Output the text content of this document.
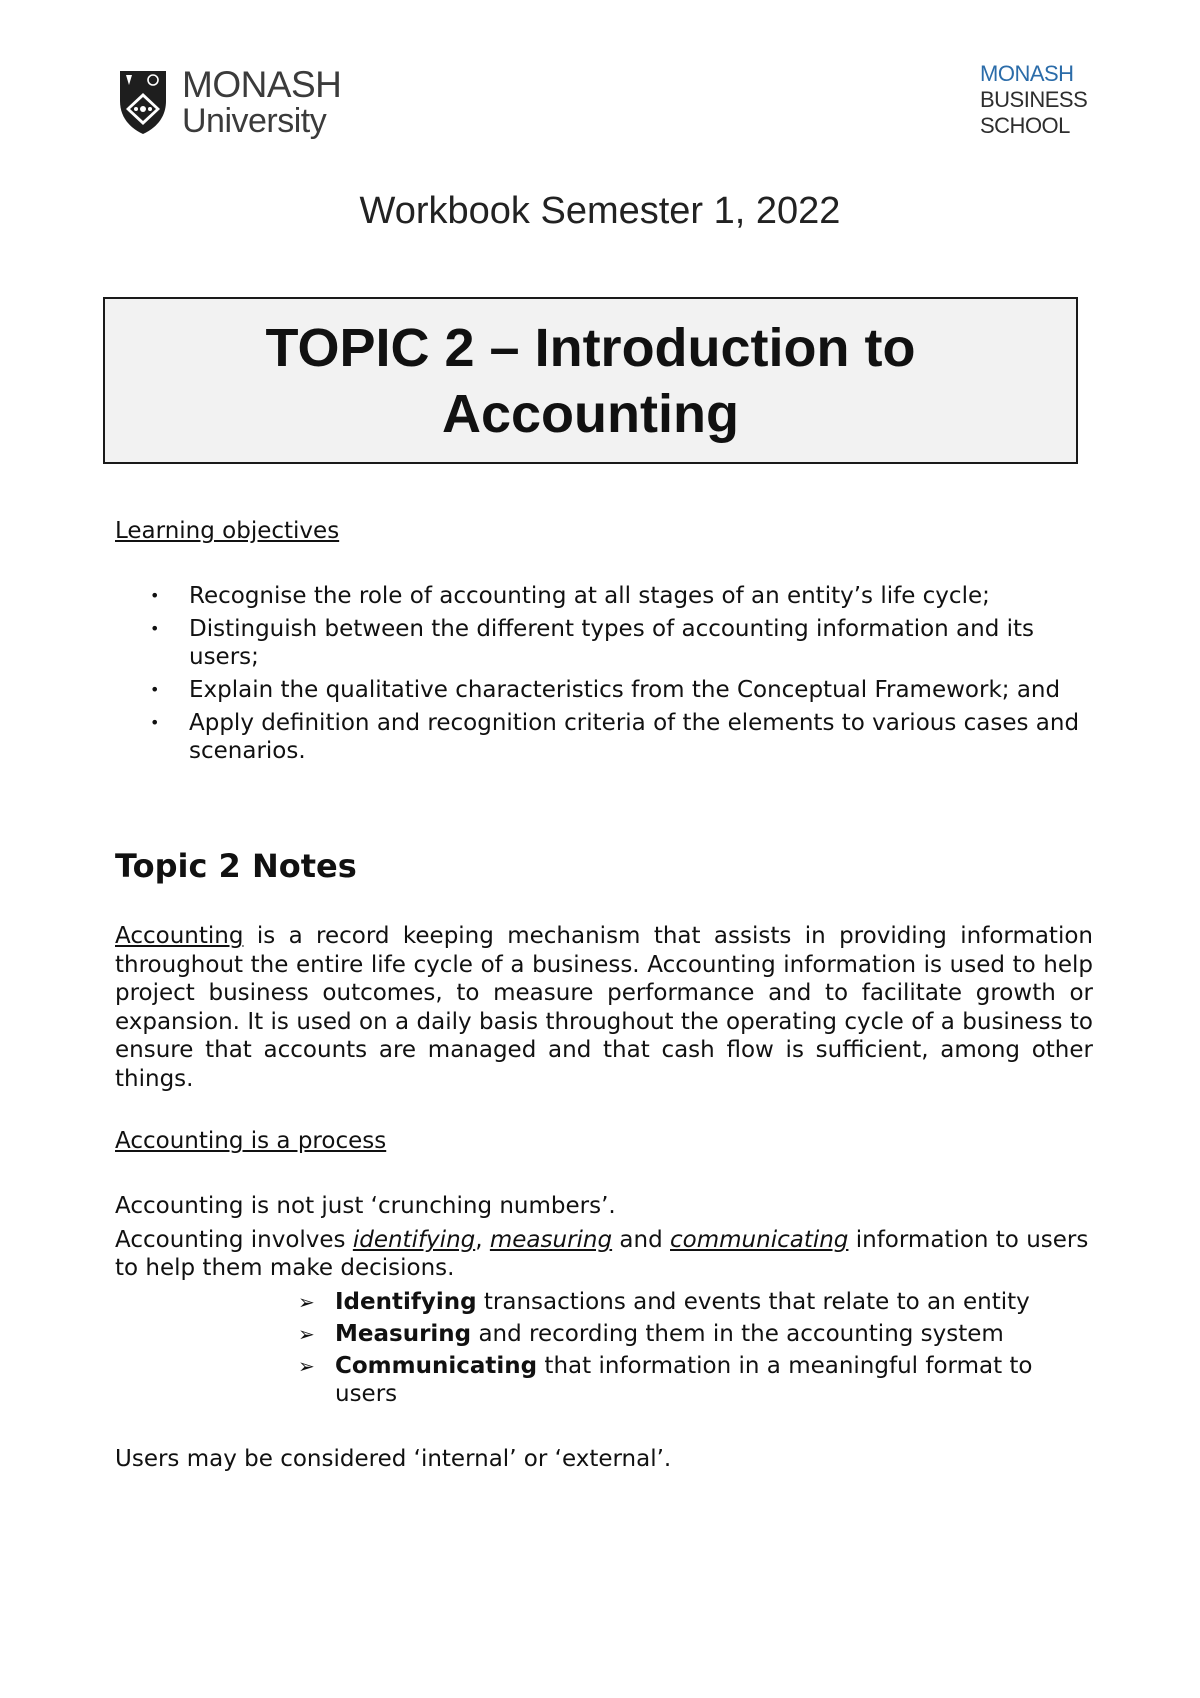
MONASH
University
MONASH
BUSINESS
SCHOOL
Workbook Semester 1, 2022
TOPIC 2 – Introduction to
Accounting
Learning objectives
• Recognise the role of accounting at all stages of an entity’s life cycle;
• Distinguish between the different types of accounting information and its users;
• Explain the qualitative characteristics from the Conceptual Framework; and
• Apply definition and recognition criteria of the elements to various cases and scenarios.
Topic 2 Notes
Accounting is a record keeping mechanism that assists in providing information throughout the entire life cycle of a business. Accounting information is used to help project business outcomes, to measure performance and to facilitate growth or expansion. It is used on a daily basis throughout the operating cycle of a business to ensure that accounts are managed and that cash flow is sufficient, among other things.
Accounting is a process
Accounting is not just ‘crunching numbers’.
Accounting involves identifying, measuring and communicating information to users to help them make decisions.
➢ Identifying transactions and events that relate to an entity
➢ Measuring and recording them in the accounting system
➢ Communicating that information in a meaningful format to users
Users may be considered ‘internal’ or ‘external’.
